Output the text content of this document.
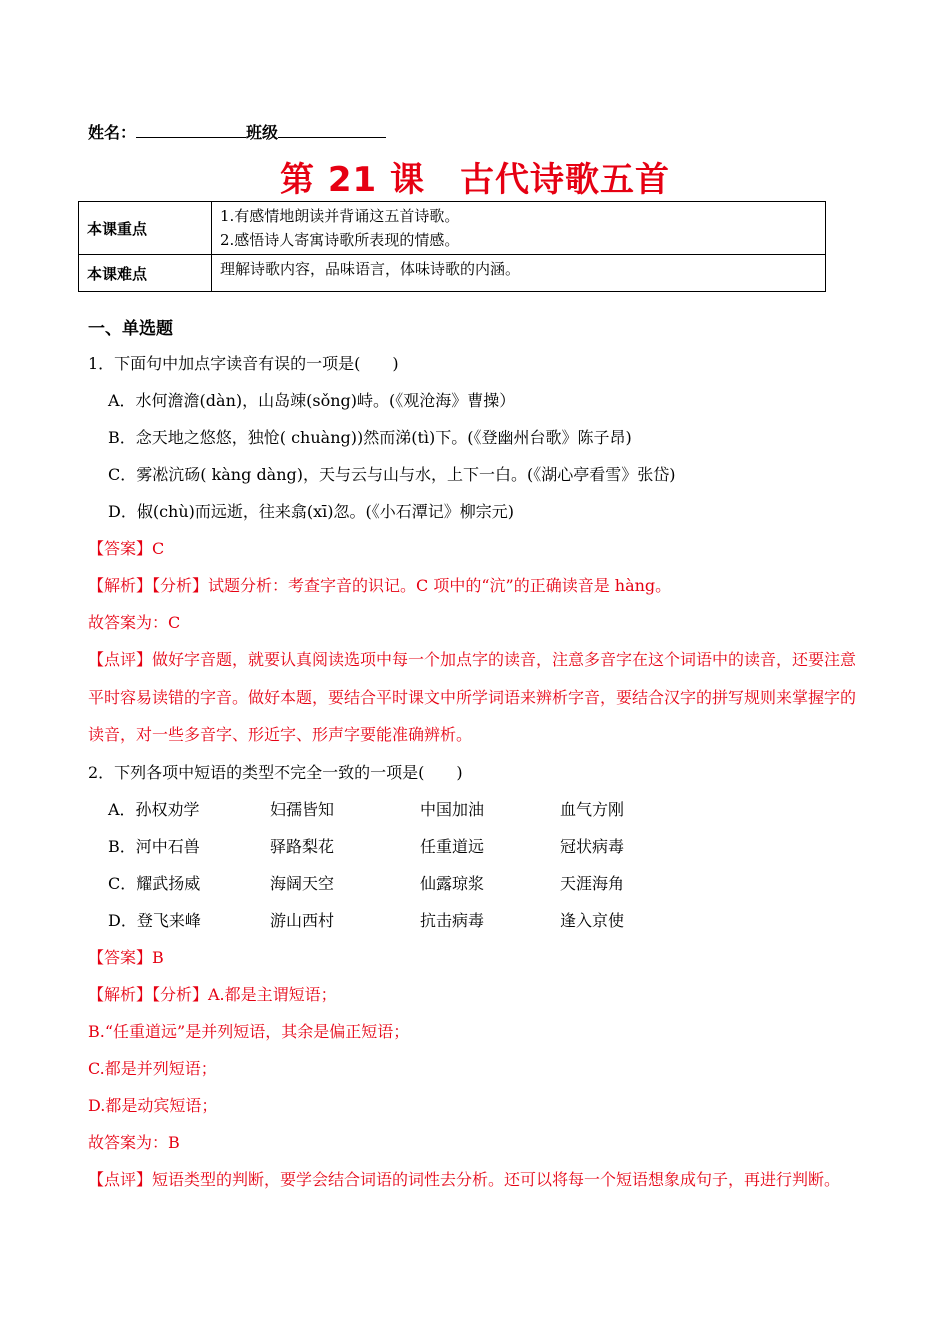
姓名：	班级
第 21 课　古代诗歌五首
本课重点	1.有感情地朗读并背诵这五首诗歌。
2.感悟诗人寄寓诗歌所表现的情感。

本课难点	理解诗歌内容，品味语言，体味诗歌的内涵。
一、单选题
1．下面句中加点字读音有误的一项是(　　)
A．水何澹澹(dàn)，山岛竦(sǒng)峙。(《观沧海》曹操）
B．念天地之悠悠，独怆( chuàng))然而涕(tì)下。(《登幽州台歌》陈子昂)
C．雾凇沆砀( kàng dàng)，天与云与山与水，上下一白。(《湖心亭看雪》张岱)
D．俶(chù)而远逝，往来翕(xī)忽。(《小石潭记》柳宗元)
【答案】C
【解析】【分析】试题分析：考查字音的识记。C 项中的“沆”的正确读音是 hàng。
故答案为：C
【点评】做好字音题，就要认真阅读选项中每一个加点字的读音，注意多音字在这个词语中的读音，还要注意平时容易读错的字音。做好本题，要结合平时课文中所学词语来辨析字音，要结合汉字的拼写规则来掌握字的读音，对一些多音字、形近字、形声字要能准确辨析。
2．下列各项中短语的类型不完全一致的一项是(　　)
A．孙权劝学	妇孺皆知	中国加油	血气方刚
B．河中石兽	驿路梨花	任重道远	冠状病毒
C．耀武扬威	海阔天空	仙露琼浆	天涯海角
D．登飞来峰	游山西村	抗击病毒	逢入京使
【答案】B
【解析】【分析】A.都是主谓短语；
B.“任重道远”是并列短语，其余是偏正短语；
C.都是并列短语；
D.都是动宾短语；
故答案为：B
【点评】短语类型的判断，要学会结合词语的词性去分析。还可以将每一个短语想象成句子，再进行判断。
